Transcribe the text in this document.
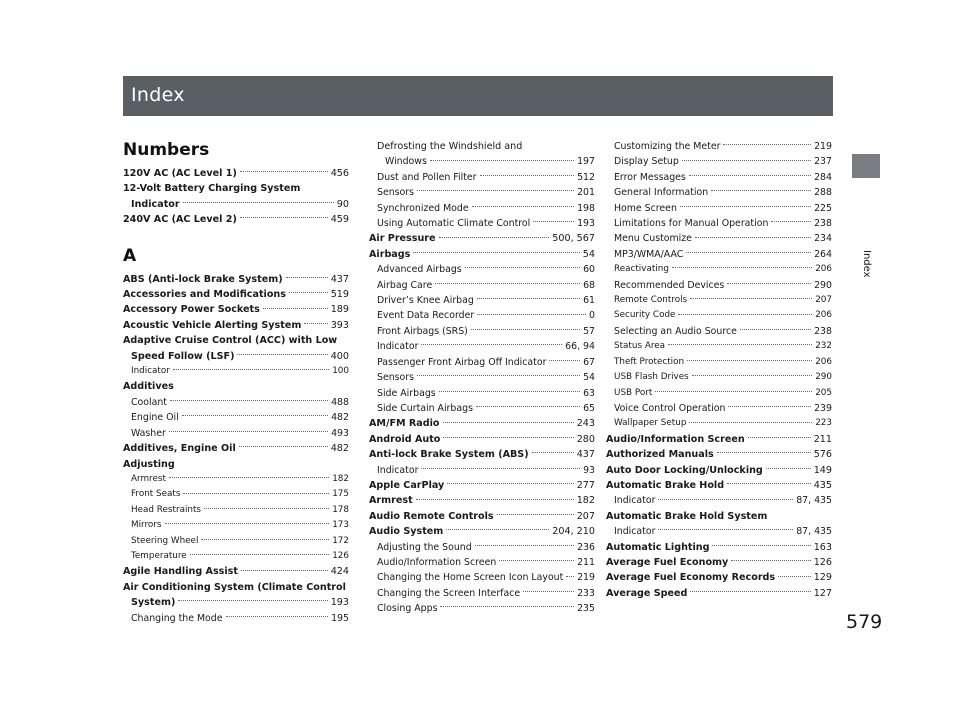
Index
Index
Numbers
120V AC (AC Level 1)	456
12-Volt Battery Charging System
Indicator	90
240V AC (AC Level 2)	459
A
ABS (Anti-lock Brake System)	437
Accessories and Modifications	519
Accessory Power Sockets	189
Acoustic Vehicle Alerting System	393
Adaptive Cruise Control (ACC) with Low
Speed Follow (LSF)	400
Indicator	100
Additives
Coolant	488
Engine Oil	482
Washer	493
Additives, Engine Oil	482
Adjusting
Armrest	182
Front Seats	175
Head Restraints	178
Mirrors	173
Steering Wheel	172
Temperature	126
Agile Handling Assist	424
Air Conditioning System (Climate Control
System)	193
Changing the Mode	195
Defrosting the Windshield and
Windows	197
Dust and Pollen Filter	512
Sensors	201
Synchronized Mode	198
Using Automatic Climate Control	193
Air Pressure	500, 567
Airbags	54
Advanced Airbags	60
Airbag Care	68
Driver’s Knee Airbag	61
Event Data Recorder	0
Front Airbags (SRS)	57
Indicator	66, 94
Passenger Front Airbag Off Indicator	67
Sensors	54
Side Airbags	63
Side Curtain Airbags	65
AM/FM Radio	243
Android Auto	280
Anti-lock Brake System (ABS)	437
Indicator	93
Apple CarPlay	277
Armrest	182
Audio Remote Controls	207
Audio System	204, 210
Adjusting the Sound	236
Audio/Information Screen	211
Changing the Home Screen Icon Layout 219
Changing the Screen Interface	233
Closing Apps	235
Customizing the Meter	219
Display Setup	237
Error Messages	284
General Information	288
Home Screen	225
Limitations for Manual Operation	238
Menu Customize	234
MP3/WMA/AAC	264
Reactivating	206
Recommended Devices	290
Remote Controls	207
Security Code	206
Selecting an Audio Source	238
Status Area	232
Theft Protection	206
USB Flash Drives	290
USB Port	205
Voice Control Operation	239
Wallpaper Setup	223
Audio/Information Screen	211
Authorized Manuals	576
Auto Door Locking/Unlocking	149
Automatic Brake Hold	435
Indicator	87, 435
Automatic Brake Hold System
Indicator	87, 435
Automatic Lighting	163
Average Fuel Economy	126
Average Fuel Economy Records	129
Average Speed	127
579
